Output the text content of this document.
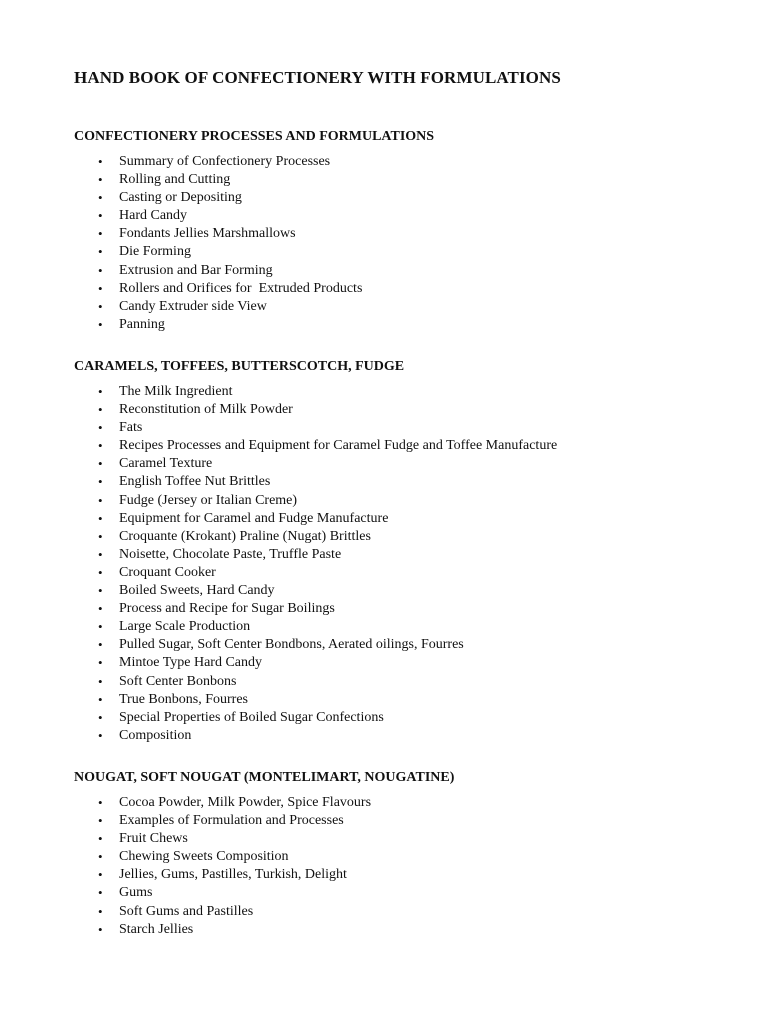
HAND BOOK OF CONFECTIONERY WITH FORMULATIONS
CONFECTIONERY PROCESSES AND FORMULATIONS
• Summary of Confectionery Processes
• Rolling and Cutting
• Casting or Depositing
• Hard Candy
• Fondants Jellies Marshmallows
• Die Forming
• Extrusion and Bar Forming
• Rollers and Orifices for  Extruded Products
• Candy Extruder side View
• Panning
CARAMELS, TOFFEES, BUTTERSCOTCH, FUDGE
• The Milk Ingredient
• Reconstitution of Milk Powder
• Fats
• Recipes Processes and Equipment for Caramel Fudge and Toffee Manufacture
• Caramel Texture
• English Toffee Nut Brittles
• Fudge (Jersey or Italian Creme)
• Equipment for Caramel and Fudge Manufacture
• Croquante (Krokant) Praline (Nugat) Brittles
• Noisette, Chocolate Paste, Truffle Paste
• Croquant Cooker
• Boiled Sweets, Hard Candy
• Process and Recipe for Sugar Boilings
• Large Scale Production
• Pulled Sugar, Soft Center Bondbons, Aerated oilings, Fourres
• Mintoe Type Hard Candy
• Soft Center Bonbons
• True Bonbons, Fourres
• Special Properties of Boiled Sugar Confections
• Composition
NOUGAT, SOFT NOUGAT (MONTELIMART, NOUGATINE)
• Cocoa Powder, Milk Powder, Spice Flavours
• Examples of Formulation and Processes
• Fruit Chews
• Chewing Sweets Composition
• Jellies, Gums, Pastilles, Turkish, Delight
• Gums
• Soft Gums and Pastilles
• Starch Jellies
